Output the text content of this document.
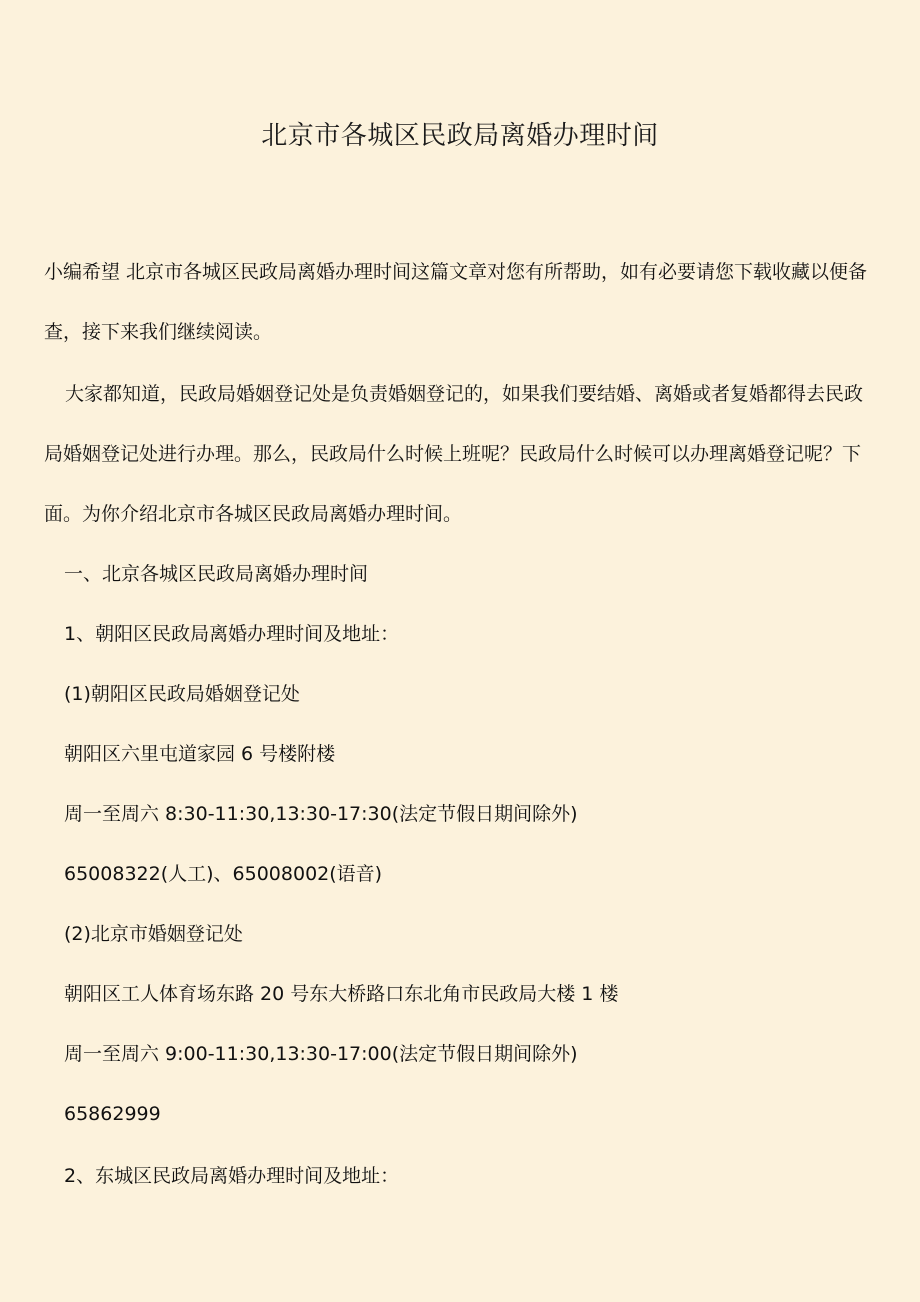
北京市各城区民政局离婚办理时间
小编希望 北京市各城区民政局离婚办理时间这篇文章对您有所帮助，如有必要请您下载收藏以便备查，接下来我们继续阅读。
大家都知道，民政局婚姻登记处是负责婚姻登记的，如果我们要结婚、离婚或者复婚都得去民政局婚姻登记处进行办理。那么，民政局什么时候上班呢？民政局什么时候可以办理离婚登记呢？下面。为你介绍北京市各城区民政局离婚办理时间。
一、北京各城区民政局离婚办理时间
1、朝阳区民政局离婚办理时间及地址：
(1)朝阳区民政局婚姻登记处
朝阳区六里屯道家园 6 号楼附楼
周一至周六 8:30-11:30,13:30-17:30(法定节假日期间除外)
65008322(人工)、65008002(语音)
(2)北京市婚姻登记处
朝阳区工人体育场东路 20 号东大桥路口东北角市民政局大楼 1 楼
周一至周六 9:00-11:30,13:30-17:00(法定节假日期间除外)
65862999
2、东城区民政局离婚办理时间及地址：
